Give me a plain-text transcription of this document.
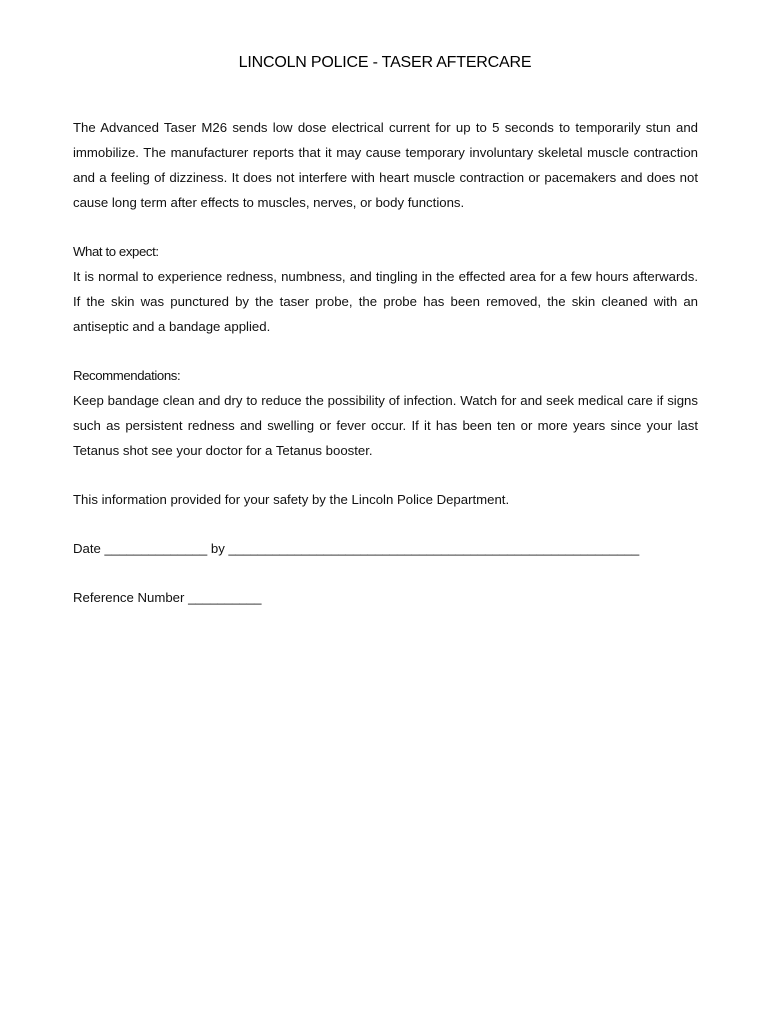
LINCOLN POLICE - TASER AFTERCARE

The Advanced Taser M26 sends low dose electrical current for up to 5 seconds to temporarily stun and immobilize. The manufacturer reports that it may cause temporary involuntary skeletal muscle contraction and a feeling of dizziness. It does not interfere with heart muscle contraction or pacemakers and does not cause long term after effects to muscles, nerves, or body functions.

What to expect:

It is normal to experience redness, numbness, and tingling in the effected area for a few hours afterwards. If the skin was punctured by the taser probe, the probe has been removed, the skin cleaned with an antiseptic and a bandage applied.

Recommendations:

Keep bandage clean and dry to reduce the possibility of infection. Watch for and seek medical care if signs such as persistent redness and swelling or fever occur. If it has been ten or more years since your last Tetanus shot see your doctor for a Tetanus booster.

This information provided for your safety by the Lincoln Police Department.

Date ______________ by ________________________________________________________

Reference Number __________
